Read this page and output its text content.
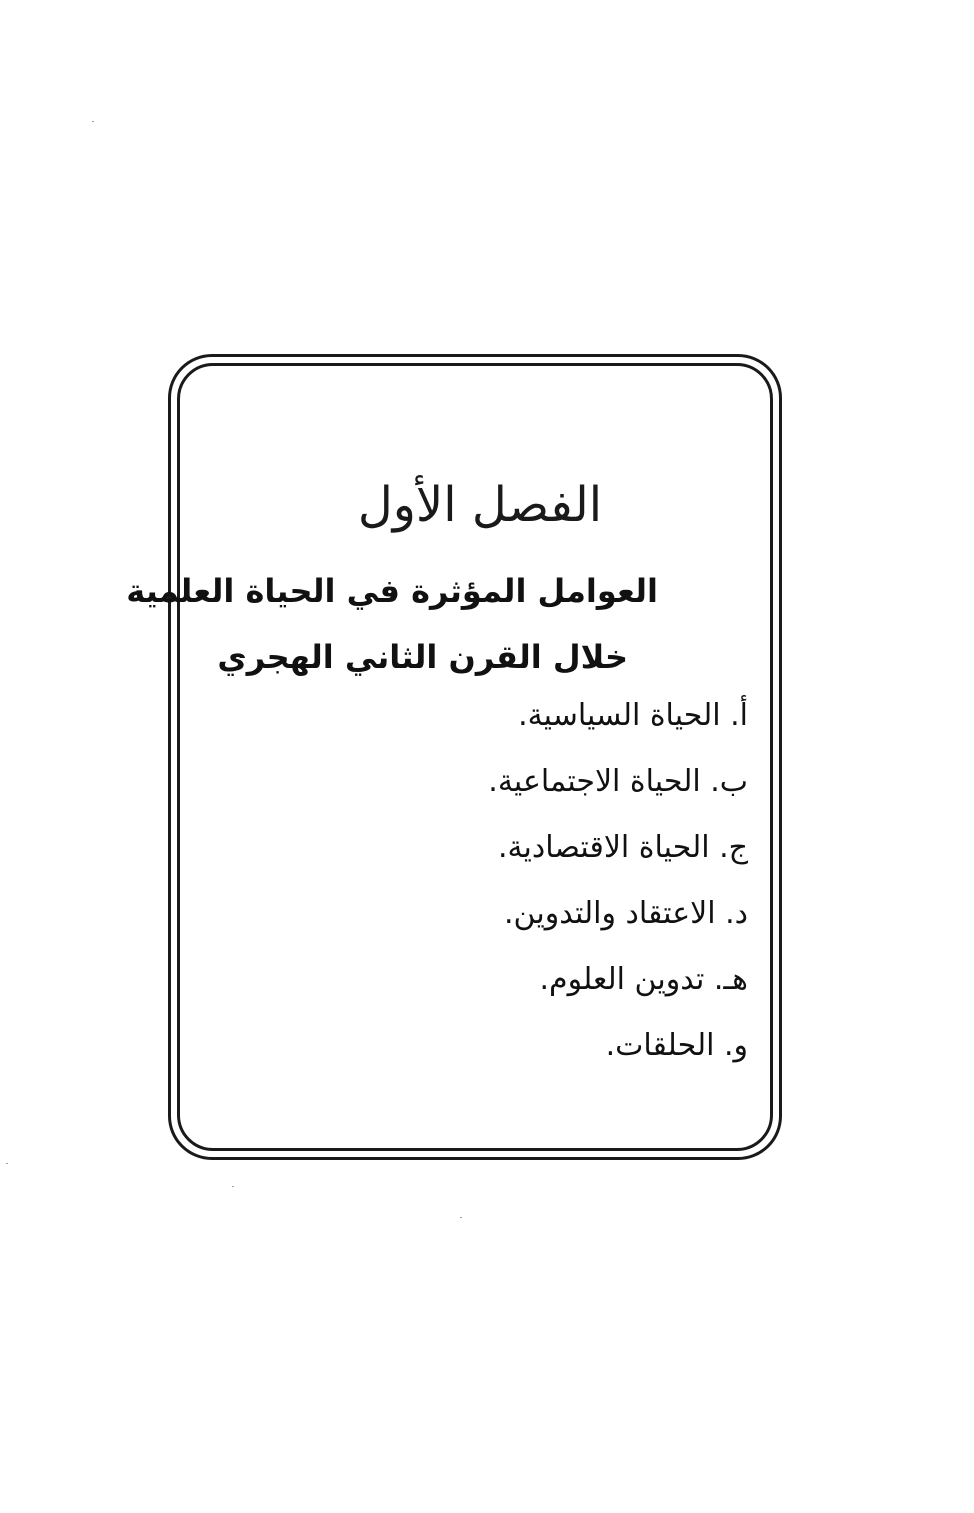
الفصل الأول
العوامل المؤثرة في الحياة العلمية
خلال القرن الثاني الهجري
أ. الحياة السياسية.
ب. الحياة الاجتماعية.
ج. الحياة الاقتصادية.
د. الاعتقاد والتدوين.
هـ. تدوين العلوم.
و. الحلقات.
